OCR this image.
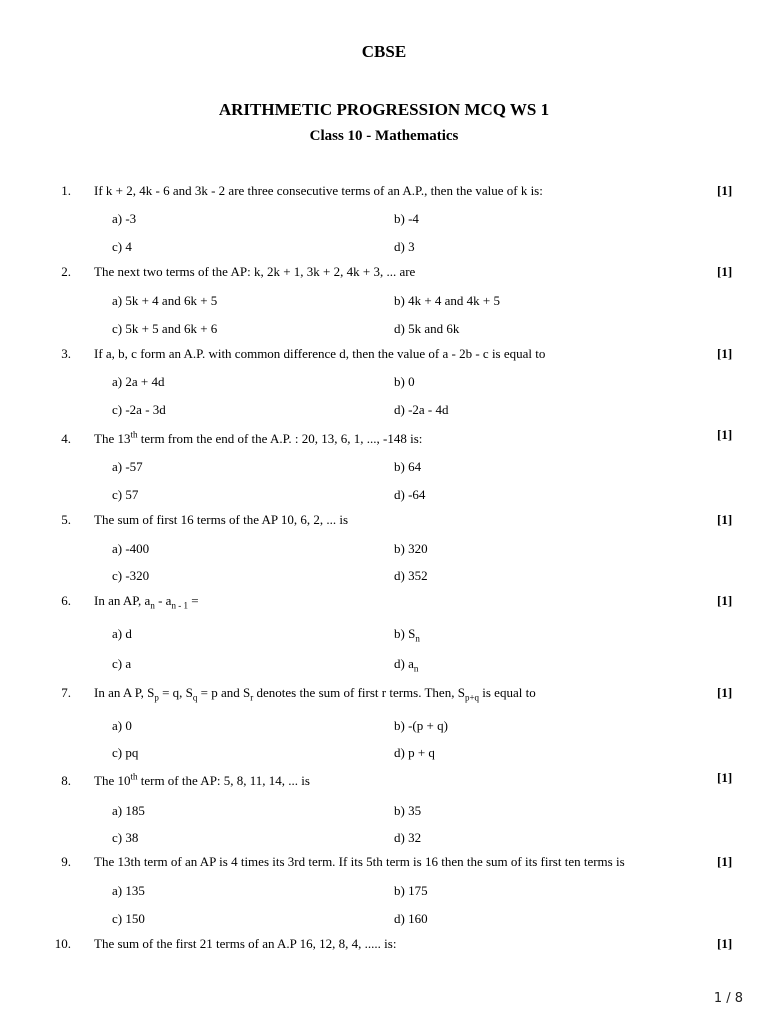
CBSE
ARITHMETIC PROGRESSION MCQ WS 1
Class 10 - Mathematics
1. If k + 2, 4k - 6 and 3k - 2 are three consecutive terms of an A.P., then the value of k is:	[1]
a) -3	b) -4
c) 4	d) 3
2. The next two terms of the AP: k, 2k + 1, 3k + 2, 4k + 3, ... are	[1]
a) 5k + 4 and 6k + 5	b) 4k + 4 and 4k + 5
c) 5k + 5 and 6k + 6	d) 5k and 6k
3. If a, b, c form an A.P. with common difference d, then the value of a - 2b - c is equal to	[1]
a) 2a + 4d	b) 0
c) -2a - 3d	d) -2a - 4d
4. The 13th term from the end of the A.P. : 20, 13, 6, 1, ..., -148 is:	[1]
a) -57	b) 64
c) 57	d) -64
5. The sum of first 16 terms of the AP 10, 6, 2, ... is	[1]
a) -400	b) 320
c) -320	d) 352
6. In an AP, $a_n - a_{n - 1}$ =	[1]
a) d	b) $S_n$
c) a	d) $a_n$
7. In an A P, $S_p = q$, $S_q = p$ and $S_r$ denotes the sum of first r terms. Then, $S_{p+q}$ is equal to	[1]
a) 0	b) -(p + q)
c) pq	d) p + q
8. The 10th term of the AP: 5, 8, 11, 14, ... is	[1]
a) 185	b) 35
c) 38	d) 32
9. The 13th term of an AP is 4 times its 3rd term. If its 5th term is 16 then the sum of its first ten terms is	[1]
a) 135	b) 175
c) 150	d) 160
10. The sum of the first 21 terms of an A.P 16, 12, 8, 4, ..... is:	[1]
1 / 8
